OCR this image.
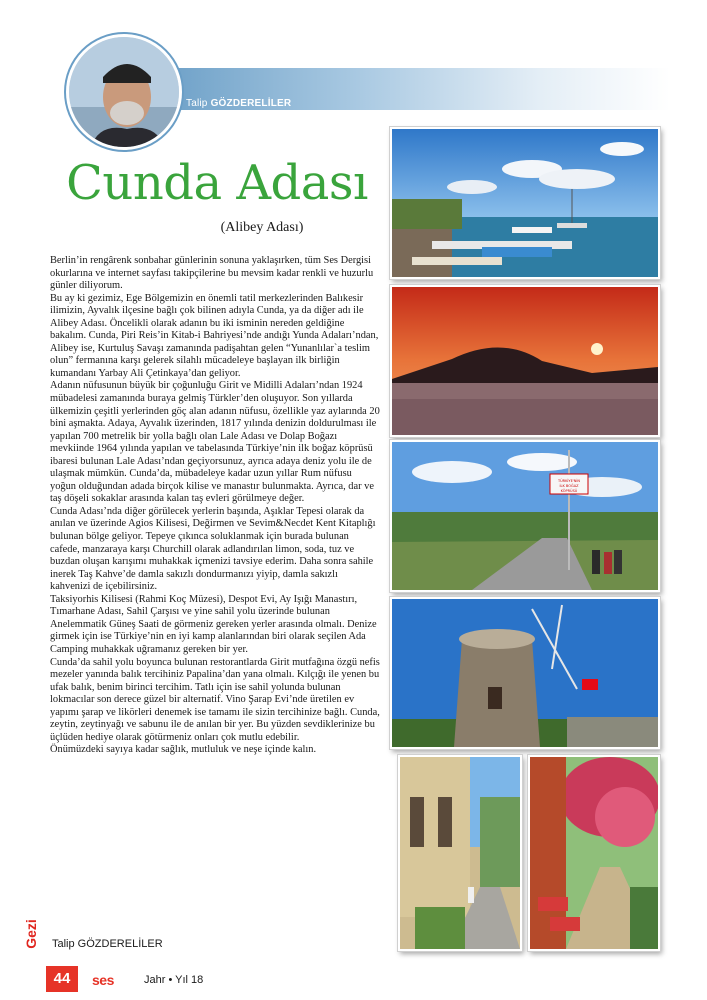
Talip GÖZDERELİLER
Cunda Adası
(Alibey Adası)

Berlin’in rengârenk sonbahar günlerinin sonuna yaklaşırken, tüm Ses Dergisi okurlarına ve internet sayfası takipçilerine bu mevsim kadar renkli ve huzurlu günler diliyorum.

Bu ay ki gezimiz, Ege Bölgemizin en önemli tatil merkezlerinden Balıkesir ilimizin, Ayvalık ilçesine bağlı çok bilinen adıyla Cunda, ya da diğer adı ile Alibey Adası. Öncelikli olarak adanın bu iki isminin nereden geldiğine bakalım. Cunda, Piri Reis’in Kitab-i Bahriyesi’nde andığı Yunda Adaları’ndan, Alibey ise, Kurtuluş Savaşı zamanında padişahtan gelen “Yunanlılar`a teslim olun” fermanına karşı gelerek silahlı mücadeleye başlayan ilk birliğin kumandanı Yarbay Ali Çetinkaya’dan geliyor.

Adanın nüfusunun büyük bir çoğunluğu Girit ve Midilli Adaları’ndan 1924 mübadelesi zamanında buraya gelmiş Türkler’den oluşuyor. Son yıllarda ülkemizin çeşitli yerlerinden göç alan adanın nüfusu, özellikle yaz aylarında 20 bini aşmakta. Adaya, Ayvalık üzerinden, 1817 yılında denizin doldurulması ile yapılan 700 metrelik bir yolla bağlı olan Lale Adası ve Dolap Boğazı mevkiinde 1964 yılında yapılan ve tabelasında Türkiye’nin ilk boğaz köprüsü ibaresi bulunan Lale Adası’ndan geçiyorsunuz, ayrıca adaya deniz yolu ile de ulaşmak mümkün. Cunda’da, mübadeleye kadar uzun yıllar Rum nüfusu yoğun olduğundan adada birçok kilise ve manastır bulunmakta. Ayrıca, dar ve taş döşeli sokaklar arasında kalan taş evleri görülmeye değer.

Cunda Adası’nda diğer görülecek yerlerin başında, Aşıklar Tepesi olarak da anılan ve üzerinde Agios Kilisesi, Değirmen ve Sevim&Necdet Kent Kitaplığı bulunan bölge geliyor. Tepeye çıkınca soluklanmak için burada bulunan cafede, manzaraya karşı Churchill olarak adlandırılan limon, soda, tuz ve buzdan oluşan karışımı muhakkak içmenizi tavsiye ederim. Daha sonra sahile inerek Taş Kahve’de damla sakızlı dondurmanızı yiyip, damla sakızlı kahvenizi de içebilirsiniz.

Taksiyorhis Kilisesi (Rahmi Koç Müzesi), Despot Evi, Ay Işığı Manastırı, Tımarhane Adası, Sahil Çarşısı ve yine sahil yolu üzerinde bulunan Anelemmatik Güneş Saati de görmeniz gereken yerler arasında olmalı. Denize girmek için ise Türkiye’nin en iyi kamp alanlarından biri olarak seçilen Ada Camping muhakkak uğramanız gereken bir yer.

Cunda’da sahil yolu boyunca bulunan restorantlarda Girit mutfağına özgü nefis mezeler yanında balık tercihiniz Papalina’dan yana olmalı. Kılçığı ile yenen bu ufak balık, benim birinci tercihim. Tatlı için ise sahil yolunda bulunan lokmacılar son derece güzel bir alternatif. Vino Şarap Evi’nde üretilen ev yapımı şarap ve likörleri denemek ise tamamı ile sizin tercihinize bağlı. Cunda, zeytin, zeytinyağı ve sabunu ile de anılan bir yer. Bu yüzden sevdiklerinize bu üçlüden hediye olarak götürmeniz onları çok mutlu edebilir.

Önümüzdeki sayıya kadar sağlık, mutluluk ve neşe içinde kalın.

Talip GÖZDERELİLER
Gezi
44	ses	Jahr • Yıl 18
TÜRKİYE'NİN
İLK BOĞAZ
KÖPRÜSÜ
